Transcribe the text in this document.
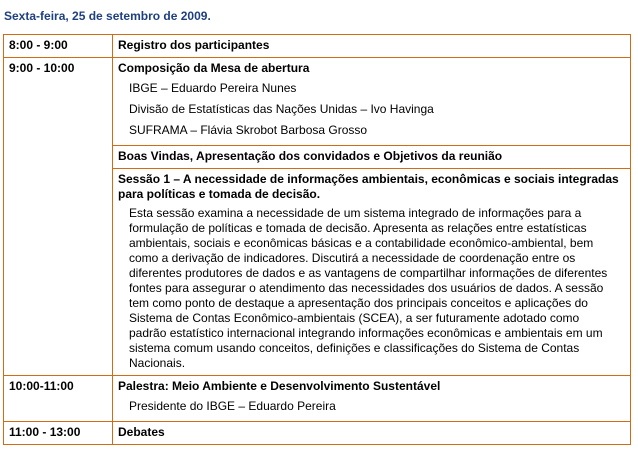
Sexta-feira, 25 de setembro de 2009.
8:00 - 9:00	Registro dos participantes

9:00 - 10:00	Composição da Mesa de abertura
IBGE – Eduardo Pereira Nunes
Divisão de Estatísticas das Nações Unidas – Ivo Havinga
SUFRAMA – Flávia Skrobot Barbosa Grosso

	Boas Vindas, Apresentação dos convidados e Objetivos da reunião

	Sessão 1 – A necessidade de informações ambientais, econômicas e sociais integradas para políticas e tomada de decisão.
Esta sessão examina a necessidade de um sistema integrado de informações para a formulação de políticas e tomada de decisão. Apresenta as relações entre estatísticas ambientais, sociais e econômicas básicas e a contabilidade econômico-ambiental, bem como a derivação de indicadores. Discutirá a necessidade de coordenação entre os diferentes produtores de dados e as vantagens de compartilhar informações de diferentes fontes para assegurar o atendimento das necessidades dos usuários de dados. A sessão tem como ponto de destaque a apresentação dos principais conceitos e aplicações do Sistema de Contas Econômico-ambientais (SCEA), a ser futuramente adotado como padrão estatístico internacional integrando informações econômicas e ambientais em um sistema comum usando conceitos, definições e classificações do Sistema de Contas Nacionais.

10:00-11:00	Palestra: Meio Ambiente e Desenvolvimento Sustentável
Presidente do IBGE – Eduardo Pereira

11:00 - 13:00	Debates
